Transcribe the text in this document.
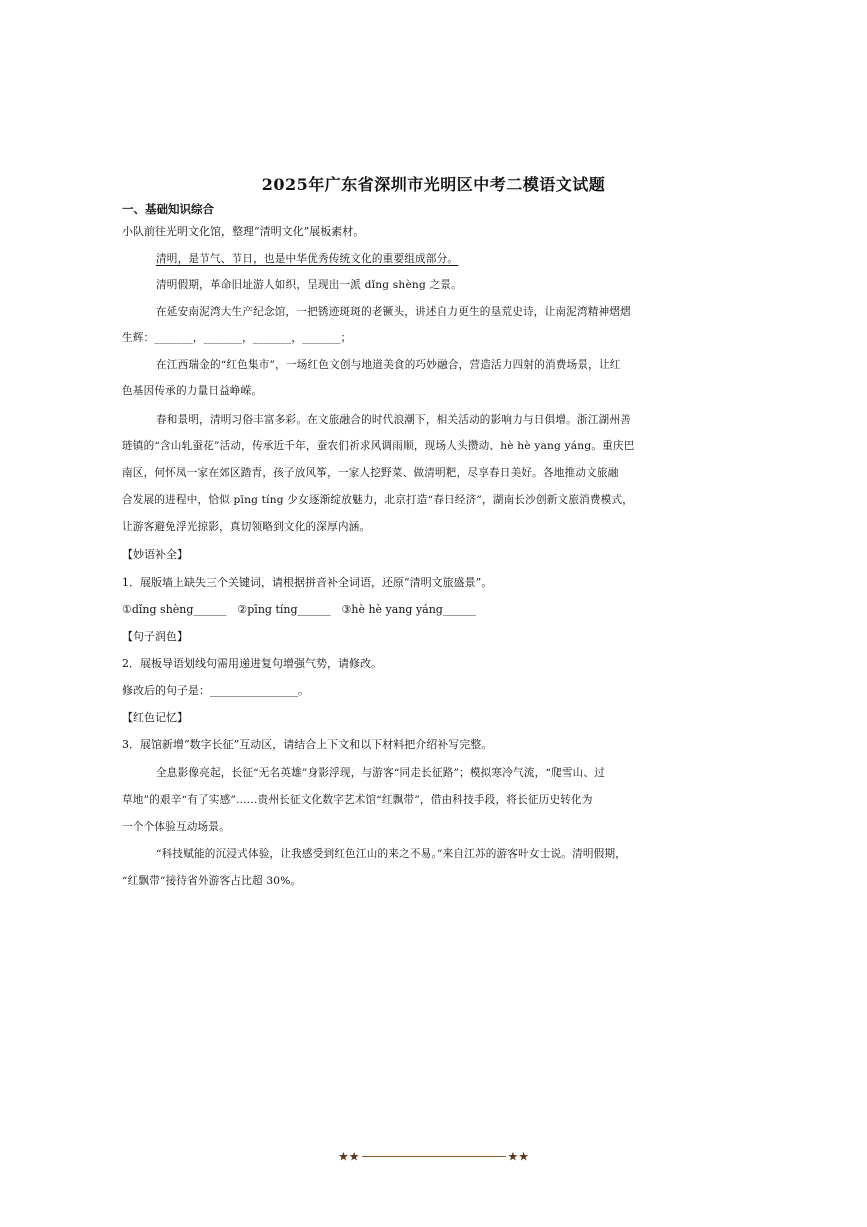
2025年广东省深圳市光明区中考二模语文试题
一、基础知识综合
小队前往光明文化馆，整理“清明文化”展板素材。
清明，是节气、节日，也是中华优秀传统文化的重要组成部分。
清明假期，革命旧址游人如织，呈现出一派 dǐng shèng 之景。
在延安南泥湾大生产纪念馆，一把锈迹斑斑的老镢头，讲述自力更生的垦荒史诗，让南泥湾精神熠熠
生辉：_______，_______，_______，_______；
在江西瑞金的“红色集市”，一场红色文创与地道美食的巧妙融合，营造活力四射的消费场景，让红
色基因传承的力量日益峥嵘。
春和景明，清明习俗丰富多彩。在文旅融合的时代浪潮下，相关活动的影响力与日俱增。浙江湖州善
琏镇的“含山轧蚕花”活动，传承近千年，蚕农们祈求风调雨顺，现场人头攒动、hè hè yang yáng。重庆巴
南区，何怀凤一家在郊区踏青，孩子放风筝，一家人挖野菜、做清明粑，尽享春日美好。各地推动文旅融
合发展的进程中，恰似 pīng tíng 少女逐渐绽放魅力，北京打造“春日经济”，湖南长沙创新文旅消费模式，
让游客避免浮光掠影，真切领略到文化的深厚内涵。
【妙语补全】
1．展版墙上缺失三个关键词，请根据拼音补全词语，还原“清明文旅盛景”。
①dǐng shèng______　②pīng tíng______　③hè hè yang yáng______
【句子润色】
2．展板导语划线句需用递进复句增强气势，请修改。
修改后的句子是：________________。
【红色记忆】
3．展馆新增“数字长征”互动区，请结合上下文和以下材料把介绍补写完整。
全息影像亮起，长征“无名英雄”身影浮现，与游客“同走长征路”；模拟寒冷气流，“爬雪山、过
草地”的艰辛“有了实感”……贵州长征文化数字艺术馆“红飘带”，借由科技手段，将长征历史转化为
一个个体验互动场景。
“科技赋能的沉浸式体验，让我感受到红色江山的来之不易。”来自江苏的游客叶女士说。清明假期，
“红飘带”接待省外游客占比超 30%。
★★	★★
